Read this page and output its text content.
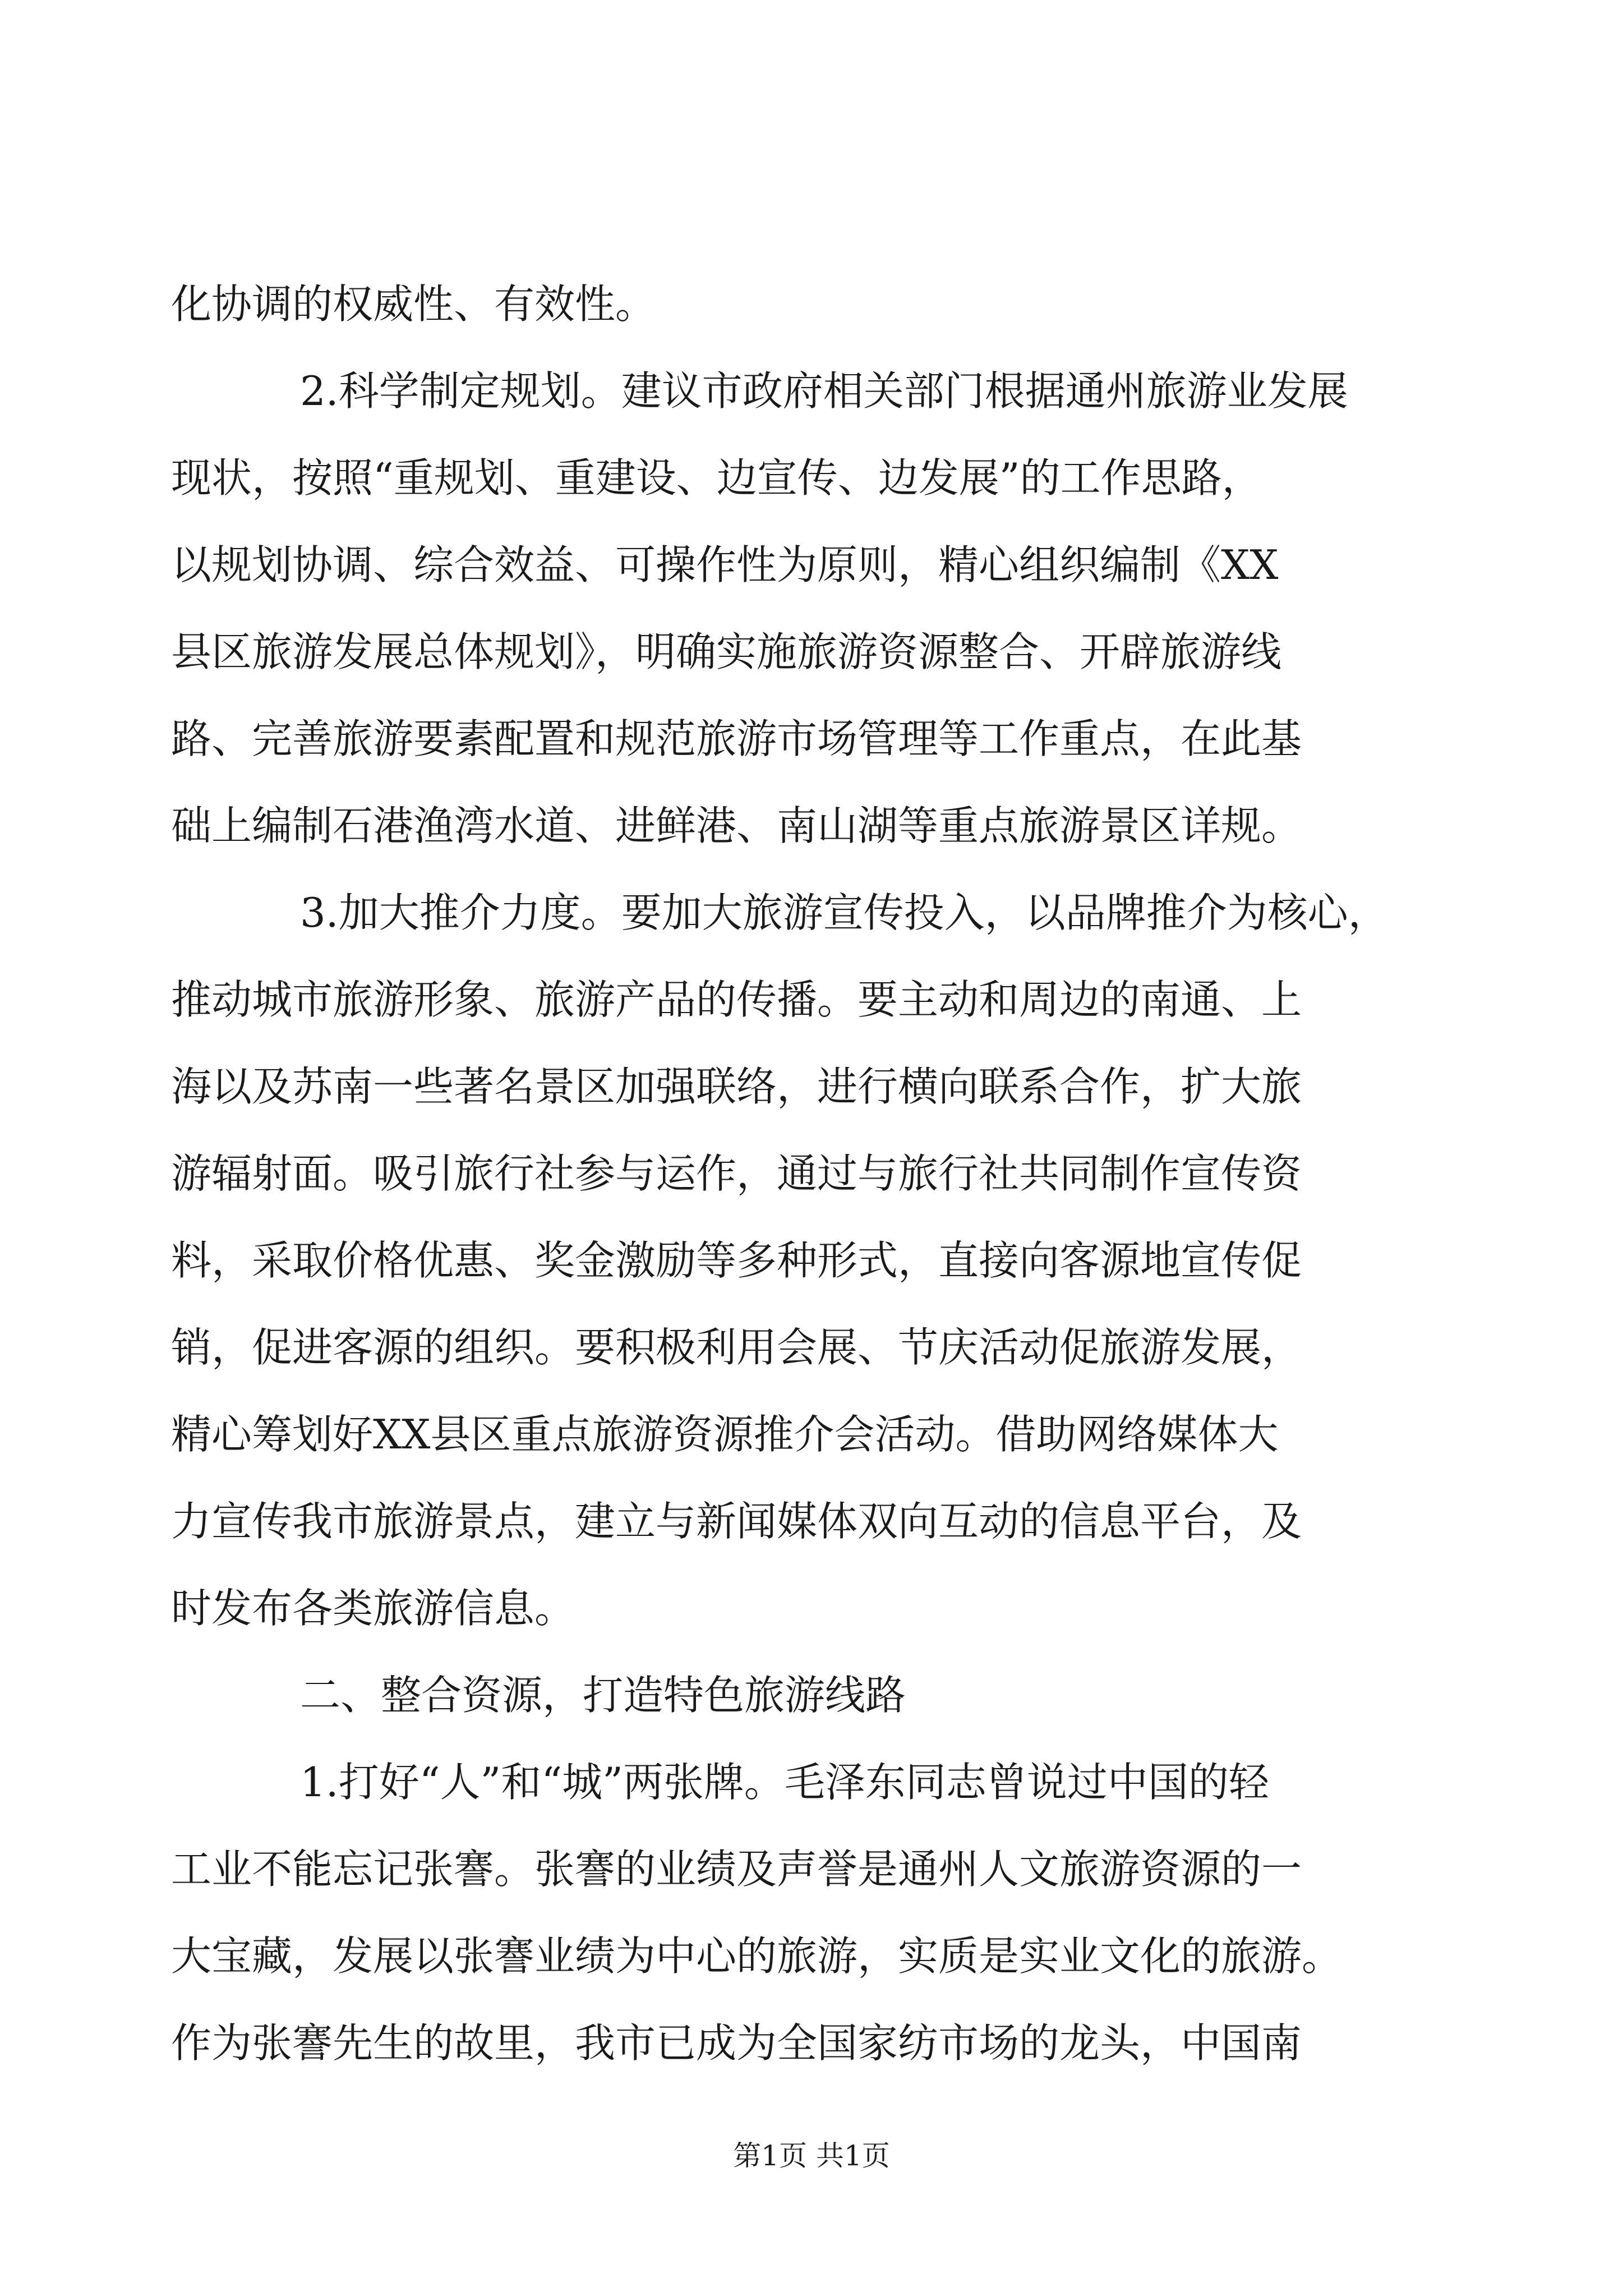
化协调的权威性、有效性。
2.科学制定规划。建议市政府相关部门根据通州旅游业发展
现状，按照“重规划、重建设、边宣传、边发展”的工作思路，
以规划协调、综合效益、可操作性为原则，精心组织编制《XX
县区旅游发展总体规划》，明确实施旅游资源整合、开辟旅游线
路、完善旅游要素配置和规范旅游市场管理等工作重点，在此基
础上编制石港渔湾水道、进鲜港、南山湖等重点旅游景区详规。
3.加大推介力度。要加大旅游宣传投入，以品牌推介为核心，
推动城市旅游形象、旅游产品的传播。要主动和周边的南通、上
海以及苏南一些著名景区加强联络，进行横向联系合作，扩大旅
游辐射面。吸引旅行社参与运作，通过与旅行社共同制作宣传资
料，采取价格优惠、奖金激励等多种形式，直接向客源地宣传促
销，促进客源的组织。要积极利用会展、节庆活动促旅游发展，
精心筹划好XX县区重点旅游资源推介会活动。借助网络媒体大
力宣传我市旅游景点，建立与新闻媒体双向互动的信息平台，及
时发布各类旅游信息。
二、整合资源，打造特色旅游线路
1.打好“人”和“城”两张牌。毛泽东同志曾说过中国的轻
工业不能忘记张謇。张謇的业绩及声誉是通州人文旅游资源的一
大宝藏，发展以张謇业绩为中心的旅游，实质是实业文化的旅游。
作为张謇先生的故里，我市已成为全国家纺市场的龙头，中国南
第1页 共1页
